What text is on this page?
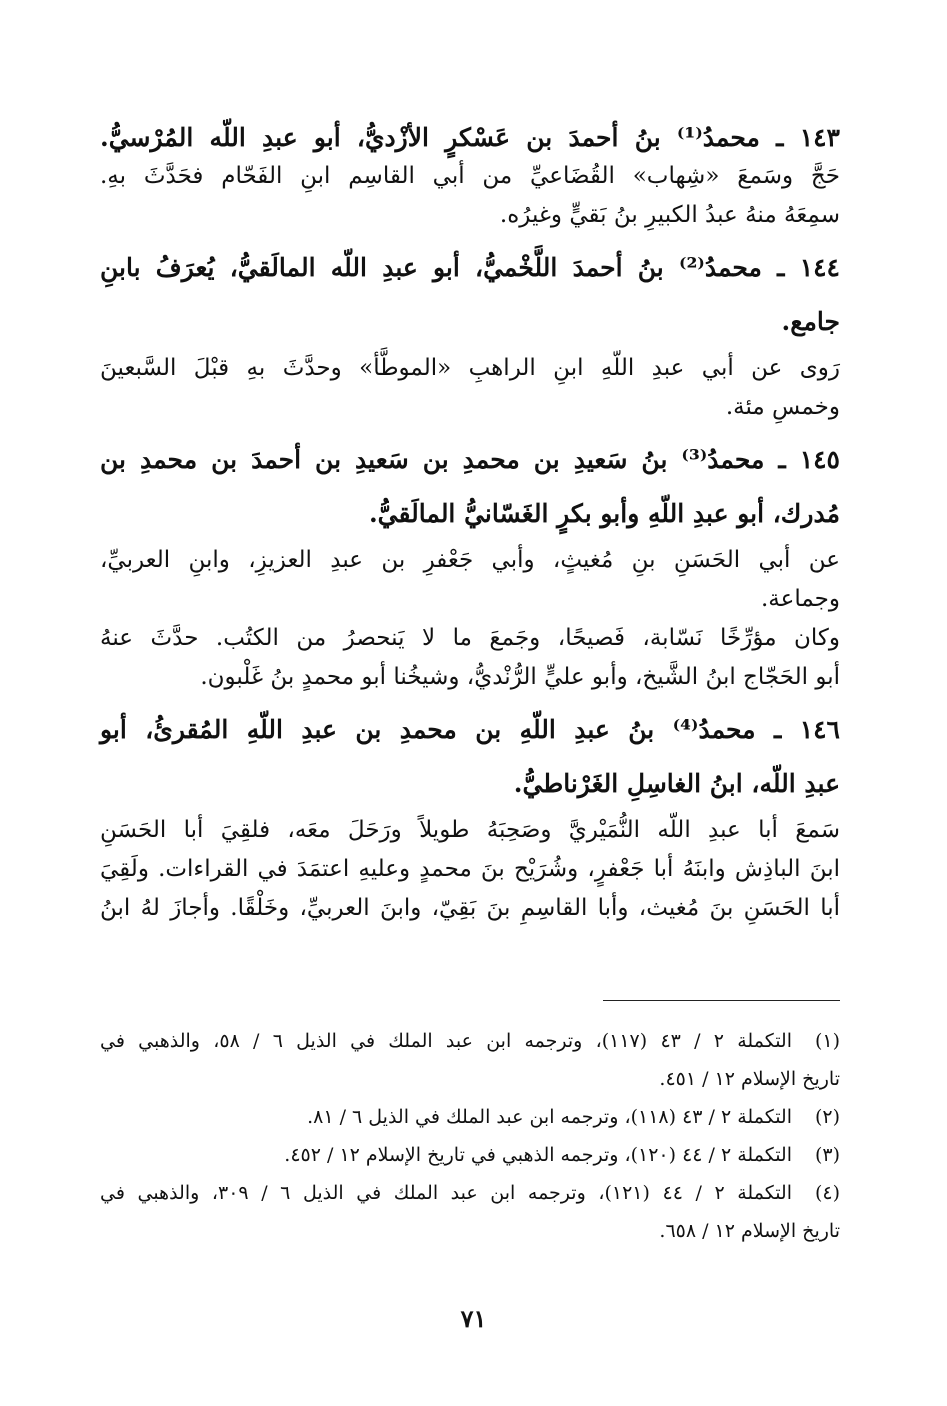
١٤٣ ـ محمدُ⁽¹⁾ بنُ أحمدَ بن عَسْكرٍ الأزْديُّ، أبو عبدِ اللّه المُرْسيُّ.
حَجَّ وسَمعَ «شِهاب» القُضَاعيِّ من أبي القاسِم ابنِ الفَحّام فحَدَّثَ بهِ.
سمِعَهُ منهُ عبدُ الكبيرِ بنُ بَقيٍّ وغيرُه.
١٤٤ ـ محمدُ⁽²⁾ بنُ أحمدَ اللَّخْميُّ، أبو عبدِ اللّه المالَقيُّ، يُعرَفُ بابنِ
جامع.
رَوى عن أبي عبدِ اللّهِ ابنِ الراهبِ «الموطَّأ» وحدَّثَ بهِ قبْلَ السَّبعينَ
وخمسِ مئة.
١٤٥ ـ محمدُ⁽³⁾ بنُ سَعيدِ بن محمدِ بن سَعيدِ بن أحمدَ بن محمدِ بن
مُدرك، أبو عبدِ اللّهِ وأبو بكرٍ الغَسّانيُّ المالَقيُّ.
عن أبي الحَسَنِ بنِ مُغيثٍ، وأبي جَعْفرِ بن عبدِ العزيزِ، وابنِ العربيِّ،
وجماعة.
وكان مؤرِّخًا نَسّابة، فَصيحًا، وجَمعَ ما لا يَنحصرُ من الكتُب. حدَّثَ عنهُ
أبو الحَجّاج ابنُ الشَّيخ، وأبو عليٍّ الرُّنْديُّ، وشيخُنا أبو محمدٍ بنُ غَلْبون.
١٤٦ ـ محمدُ⁽⁴⁾ بنُ عبدِ اللّهِ بن محمدِ بن عبدِ اللّهِ المُقرئُ، أبو
عبدِ اللّه، ابنُ الغاسِلِ الغَرْناطيُّ.
سَمعَ أبا عبدِ اللّه النُّمَيْريَّ وصَحِبَهُ طويلاً ورَحَلَ معَه، فلقِيَ أبا الحَسَنِ
ابنَ الباذِش وابنَهُ أبا جَعْفرٍ، وشُرَيْح بنَ محمدٍ وعليهِ اعتمَدَ في القراءات. ولَقِيَ
أبا الحَسَنِ بنَ مُغيث، وأبا القاسِمِ بنَ بَقِيّ، وابنَ العربيِّ، وخَلْقًا. وأجازَ لهُ ابنُ
(١)التكملة ٢ / ٤٣ (١١٧)، وترجمه ابن عبد الملك في الذيل ٦ / ٥٨، والذهبي في
تاريخ الإسلام ١٢ / ٤٥١.
(٢)التكملة ٢ / ٤٣ (١١٨)، وترجمه ابن عبد الملك في الذيل ٦ / ٨١.
(٣)التكملة ٢ / ٤٤ (١٢٠)، وترجمه الذهبي في تاريخ الإسلام ١٢ / ٤٥٢.
(٤)التكملة ٢ / ٤٤ (١٢١)، وترجمه ابن عبد الملك في الذيل ٦ / ٣٠٩، والذهبي في
تاريخ الإسلام ١٢ / ٦٥٨.
٧١
